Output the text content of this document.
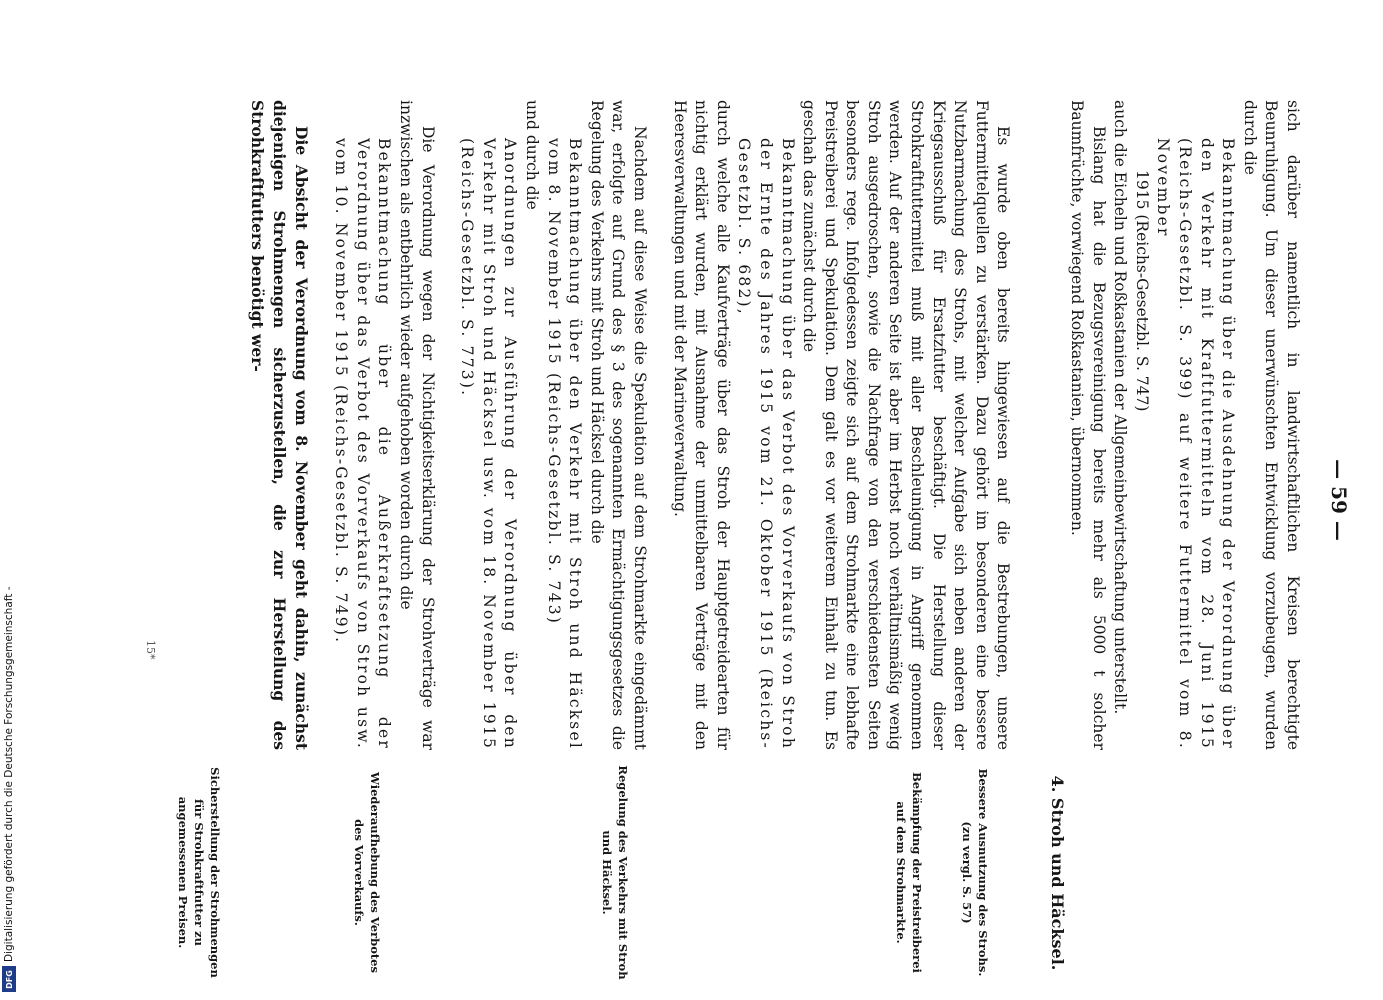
— 59 —

sich darüber namentlich in landwirtschaftlichen Kreisen berechtigte Beunruhigung. Um dieser unerwünschten Entwicklung vorzubeugen, wurden durch die

Bekanntmachung über die Ausdehnung der Verordnung über den Verkehr mit Kraftfuttermitteln vom 28. Juni 1915 (Reichs-Gesetzbl. S. 399) auf weitere Futtermittel vom 8. November

1915 (Reichs-Gesetzbl. S. 747)

auch die Eicheln und Roßkastanien der Allgemeinbewirtschaftung unterstellt.

Bislang hat die Bezugsvereinigung bereits mehr als 5000 t solcher Baumfrüchte, vorwiegend Roßkastanien, übernommen.

Es wurde oben bereits hingewiesen auf die Bestrebungen, unsere Futtermittelquellen zu verstärken. Dazu gehört im besonderen eine bessere Nutzbarmachung des Strohs, mit welcher Aufgabe sich neben anderen der Kriegsausschuß für Ersatzfutter beschäftigt. Die Herstellung dieser Strohkraftfuttermittel muß mit aller Beschleunigung in Angriff genommen werden. Auf der anderen Seite ist aber im Herbst noch verhältnismäßig wenig Stroh ausgedroschen, sowie die Nachfrage von den verschiedensten Seiten besonders rege. Infolgedessen zeigte sich auf dem Strohmarkte eine lebhafte Preistreiberei und Spekulation. Dem galt es vor weiterem Einhalt zu tun. Es geschah das zunächst durch die

Bekanntmachung über das Verbot des Vorverkaufs von Stroh der Ernte des Jahres 1915 vom 21. Oktober 1915 (Reichs-Gesetzbl. S. 682),

durch welche alle Kaufverträge über das Stroh der Hauptgetreidearten für nichtig erklärt wurden, mit Ausnahme der unmittelbaren Verträge mit den Heeresverwaltungen und mit der Marineverwaltung.

Nachdem auf diese Weise die Spekulation auf dem Strohmarkte eingedämmt war, erfolgte auf Grund des § 3 des sogenannten Ermächtigungsgesetzes die Regelung des Verkehrs mit Stroh und Häcksel durch die

Bekanntmachung über den Verkehr mit Stroh und Häcksel vom 8. November 1915 (Reichs-Gesetzbl. S. 743)

und durch die

Anordnungen zur Ausführung der Verordnung über den Verkehr mit Stroh und Häcksel usw. vom 18. November 1915 (Reichs-Gesetzbl. S. 773).

Die Verordnung wegen der Nichtigkeitserklärung der Strohverträge war inzwischen als entbehrlich wieder aufgehoben worden durch die

Bekanntmachung über die Außerkraftsetzung der Verordnung über das Verbot des Vorverkaufs von Stroh usw. vom 10. November 1915 (Reichs-Gesetzbl. S. 749).

Die Absicht der Verordnung vom 8. November geht dahin, zunächst diejenigen Strohmengen sicherzustellen, die zur Herstellung des Strohkraftfutters benötigt wer-

4. Stroh und Häcksel.
Bessere Ausnutzung des Strohs. (zu vergl. S. 57)
Bekämpfung der Preistreiberei auf dem Strohmarkte.
Regelung des Verkehrs mit Stroh und Häcksel.
Wiederaufhebung des Verbotes des Vorverkaufs.
Sicherstellung der Strohmengen für Strohkraftfutter zu angemessenen Preisen.
15*
Digitalisierung gefördert durch die Deutsche Forschungsgemeinschaft -
DFG
